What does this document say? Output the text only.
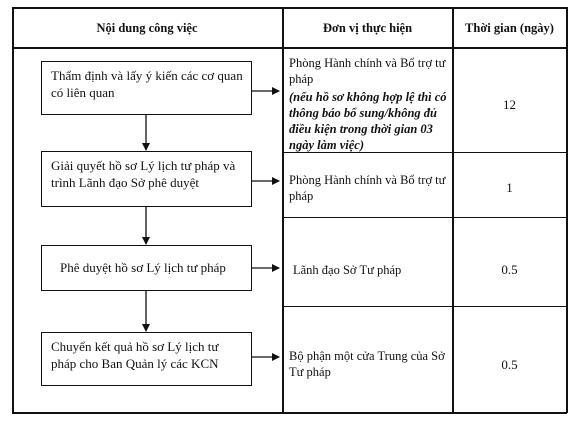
Nội dung công việc	Đơn vị thực hiện	Thời gian (ngày)
Thẩm định và lấy ý kiến các cơ quan có liên quan
Giải quyết hồ sơ Lý lịch tư pháp và trình Lãnh đạo Sở phê duyệt
Phê duyệt hồ sơ Lý lịch tư pháp
Chuyển kết quả hồ sơ Lý lịch tư pháp cho Ban Quản lý các KCN
Phòng Hành chính và Bổ trợ tư pháp
(nếu hồ sơ không hợp lệ thì có thông báo bổ sung/không đủ điều kiện trong thời gian 03 ngày làm việc)
Phòng Hành chính và Bổ trợ tư pháp
Lãnh đạo Sở Tư pháp
Bộ phận một cửa Trung của Sở Tư pháp
12
1
0.5
0.5
